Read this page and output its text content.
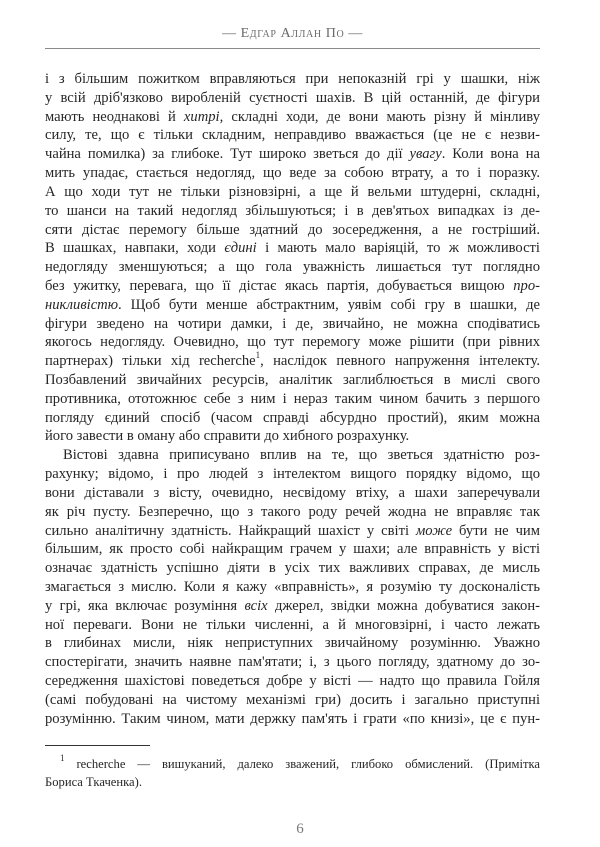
— Едгар Аллан По —
і з більшим пожитком вправляються при непоказній грі у шашки, ніж
у всій дріб'язково виробленій суєтності шахів. В цій останній, де фігури
мають неоднакові й хитрі, складні ходи, де вони мають різну й мінливу
силу, те, що є тільки складним, неправдиво вважається (це не є незви-
чайна помилка) за глибоке. Тут широко зветься до дії увагу. Коли вона на
мить упадає, стається недогляд, що веде за собою втрату, а то і поразку.
А що ходи тут не тільки різновзірні, а ще й вельми штудерні, складні,
то шанси на такий недогляд збільшуються; і в дев'ятьох випадках із де-
сяти дістає перемогу більше здатний до зосередження, а не гостріший.
В шашках, навпаки, ходи єдині і мають мало варіяцій, то ж можливості
недогляду зменшуються; а що гола уважність лишається тут поглядно
без ужитку, перевага, що її дістає якась партія, добувається вищою про-
никливістю. Щоб бути менше абстрактним, уявім собі гру в шашки, де
фігури зведено на чотири дамки, і де, звичайно, не можна сподіватись
якогось недогляду. Очевидно, що тут перемогу може рішити (при рівних
партнерах) тільки хід recherche$^1$, наслідок певного напруження інтелекту.
Позбавлений звичайних ресурсів, аналітик заглиблюється в мислі свого
противника, ототожнює себе з ним і нераз таким чином бачить з першого
погляду єдиний спосіб (часом справді абсурдно простий), яким можна
його завести в оману або справити до хибного розрахунку.
Вістові здавна приписувано вплив на те, що зветься здатністю роз-
рахунку; відомо, і про людей з інтелектом вищого порядку відомо, що
вони діставали з вісту, очевидно, несвідому втіху, а шахи заперечували
як річ пусту. Безперечно, що з такого роду речей жодна не вправляє так
сильно аналітичну здатність. Найкращий шахіст у світі може бути не чим
більшим, як просто собі найкращим грачем у шахи; але вправність у вісті
означає здатність успішно діяти в усіх тих важливих справах, де мисль
змагається з мислю. Коли я кажу «вправність», я розумію ту досконалість
у грі, яка включає розуміння всіх джерел, звідки можна добуватися закон-
ної переваги. Вони не тільки численні, а й многовзірні, і часто лежать
в глибинах мисли, ніяк неприступних звичайному розумінню. Уважно
спостерігати, значить наявне пам'ятати; і, з цього погляду, здатному до зо-
середження шахістові поведеться добре у вісті — надто що правила Гойля
(самі побудовані на чистому механізмі гри) досить і загально приступні
розумінню. Таким чином, мати держку пам'ять і грати «по книзі», це є пун-
$^1$ recherche — вишуканий, далеко зважений, глибоко обмислений. (Примітка
Бориса Ткаченка).
6
